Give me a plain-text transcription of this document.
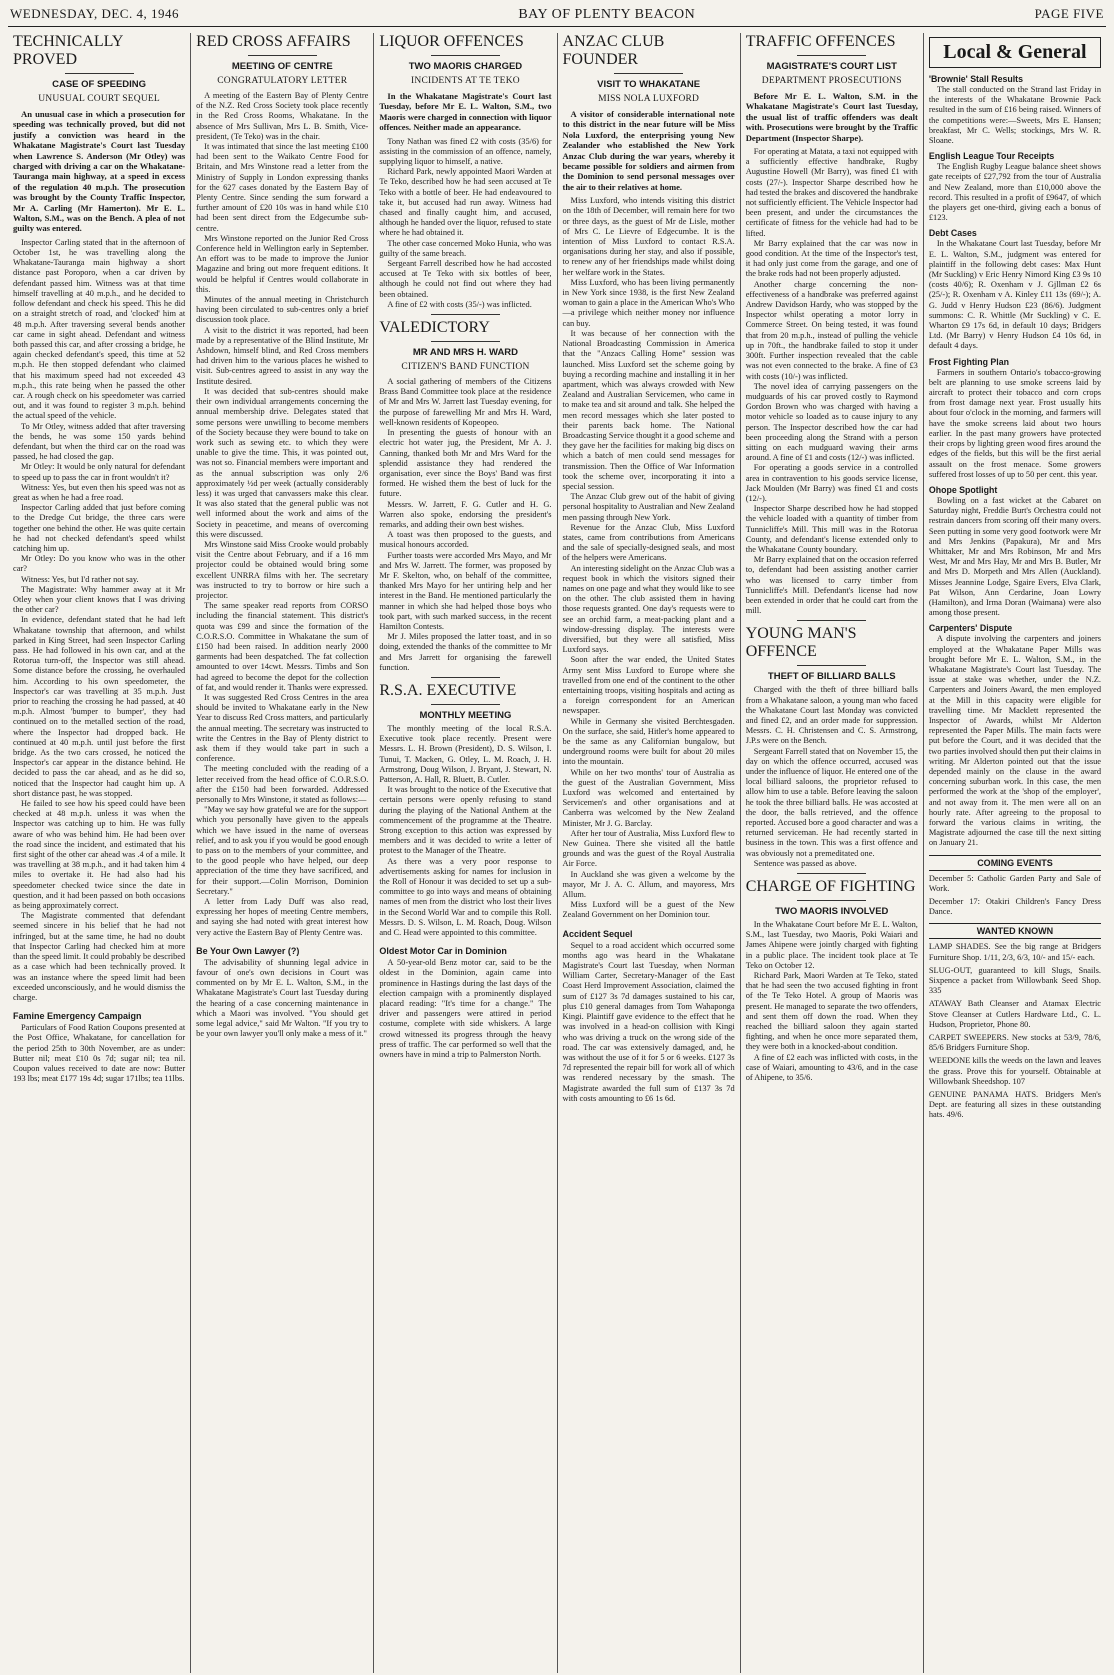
WEDNESDAY, DEC. 4, 1946	BAY OF PLENTY BEACON	PAGE FIVE
TECHNICALLY PROVED
CASE OF SPEEDING
UNUSUAL COURT SEQUEL

An unusual case in which a prosecution for speeding was technically proved, but did not justify a conviction was heard in the Whakatane Magistrate's Court last Tuesday when Lawrence S. Anderson (Mr Otley) was charged with driving a car on the Whakatane-Tauranga main highway, at a speed in excess of the regulation 40 m.p.h. The prosecution was brought by the County Traffic Inspector, Mr A. Carling (Mr Hamerton). Mr E. L. Walton, S.M., was on the Bench. A plea of not guilty was entered.

Inspector Carling stated that in the afternoon of October 1st, he was travelling along the Whakatane-Tauranga main highway a short distance past Poroporo, when a car driven by defendant passed him. Witness was at that time himself travelling at 40 m.p.h., and he decided to follow defendant and check his speed. This he did on a straight stretch of road, and 'clocked' him at 48 m.p.h. After traversing several bends another car came in sight ahead. Defendant and witness both passed this car, and after crossing a bridge, he again checked defendant's speed, this time at 52 m.p.h. He then stopped defendant who claimed that his maximum speed had not exceeded 43 m.p.h., this rate being when he passed the other car. A rough check on his speedometer was carried out, and it was found to register 3 m.p.h. behind the actual speed of the vehicle.

To Mr Otley, witness added that after traversing the bends, he was some 150 yards behind defendant, but when the third car on the road was passed, he had closed the gap.

Mr Otley: It would be only natural for defendant to speed up to pass the car in front wouldn't it?

Witness: Yes, but even then his speed was not as great as when he had a free road.

Inspector Carling added that just before coming to the Dredge Cut bridge, the three cars were together one behind the other. He was quite certain he had not checked defendant's speed whilst catching him up.

Mr Otley: Do you know who was in the other car?

Witness: Yes, but I'd rather not say.

The Magistrate: Why hammer away at it Mr Otley when your client knows that I was driving the other car?

In evidence, defendant stated that he had left Whakatane township that afternoon, and whilst parked in King Street, had seen Inspector Carling pass. He had followed in his own car, and at the Rotorua turn-off, the Inspector was still ahead. Some distance before the crossing, he overhauled him. According to his own speedometer, the Inspector's car was travelling at 35 m.p.h. Just prior to reaching the crossing he had passed, at 40 m.p.h. Almost 'bumper to bumper', they had continued on to the metalled section of the road, where the Inspector had dropped back. He continued at 40 m.p.h. until just before the first bridge. As the two cars crossed, he noticed the Inspector's car appear in the distance behind. He decided to pass the car ahead, and as he did so, noticed that the Inspector had caught him up. A short distance past, he was stopped.

He failed to see how his speed could have been checked at 48 m.p.h. unless it was when the Inspector was catching up to him. He was fully aware of who was behind him. He had been over the road since the incident, and estimated that his first sight of the other car ahead was .4 of a mile. It was travelling at 38 m.p.h., and it had taken him 4 miles to overtake it. He had also had his speedometer checked twice since the date in question, and it had been passed on both occasions as being approximately correct.

The Magistrate commented that defendant seemed sincere in his belief that he had not infringed, but at the same time, he had no doubt that Inspector Carling had checked him at more than the speed limit. It could probably be described as a case which had been technically proved. It was an instance where the speed limit had been exceeded unconsciously, and he would dismiss the charge.

Famine Emergency Campaign

Particulars of Food Ration Coupons presented at the Post Office, Whakatane, for cancellation for the period 25th to 30th November, are as under: Butter nil; meat £10 0s 7d; sugar nil; tea nil. Coupon values received to date are now: Butter 193 lbs; meat £177 19s 4d; sugar 171lbs; tea 11lbs.

RED CROSS AFFAIRS
MEETING OF CENTRE
CONGRATULATORY LETTER

A meeting of the Eastern Bay of Plenty Centre of the N.Z. Red Cross Society took place recently in the Red Cross Rooms, Whakatane. In the absence of Mrs Sullivan, Mrs L. B. Smith, Vice-president, (Te Teko) was in the chair.

It was intimated that since the last meeting £100 had been sent to the Waikato Centre Food for Britain, and Mrs Winstone read a letter from the Ministry of Supply in London expressing thanks for the 627 cases donated by the Eastern Bay of Plenty Centre. Since sending the sum forward a further amount of £20 10s was in hand while £10 had been sent direct from the Edgecumbe sub-centre.

Mrs Winstone reported on the Junior Red Cross Conference held in Wellington early in September. An effort was to be made to improve the Junior Magazine and bring out more frequent editions. It would be helpful if Centres would collaborate in this.

Minutes of the annual meeting in Christchurch having been circulated to sub-centres only a brief discussion took place.

A visit to the district it was reported, had been made by a representative of the Blind Institute, Mr Ashdown, himself blind, and Red Cross members had driven him to the various places he wished to visit. Sub-centres agreed to assist in any way the Institute desired.

It was decided that sub-centres should make their own individual arrangements concerning the annual membership drive. Delegates stated that some persons were unwilling to become members of the Society because they were bound to take on work such as sewing etc. to which they were unable to give the time. This, it was pointed out, was not so. Financial members were important and as the annual subscription was only 2/6 approximately ½d per week (actually considerably less) it was urged that canvassers make this clear. It was also stated that the general public was not well informed about the work and aims of the Society in peacetime, and means of overcoming this were discussed.

Mrs Winstone said Miss Crooke would probably visit the Centre about February, and if a 16 mm projector could be obtained would bring some excellent UNRRA films with her. The secretary was instructed to try to borrow or hire such a projector.

The same speaker read reports from CORSO including the financial statement. This district's quota was £99 and since the formation of the C.O.R.S.O. Committee in Whakatane the sum of £150 had been raised. In addition nearly 2000 garments had been despatched. The fat collection amounted to over 14cwt. Messrs. Timbs and Son had agreed to become the depot for the collection of fat, and would render it. Thanks were expressed.

It was suggested Red Cross Centres in the area should be invited to Whakatane early in the New Year to discuss Red Cross matters, and particularly the annual meeting. The secretary was instructed to write the Centres in the Bay of Plenty district to ask them if they would take part in such a conference.

The meeting concluded with the reading of a letter received from the head office of C.O.R.S.O. after the £150 had been forwarded. Addressed personally to Mrs Winstone, it stated as follows:—

"May we say how grateful we are for the support which you personally have given to the appeals which we have issued in the name of overseas relief, and to ask you if you would be good enough to pass on to the members of your committee, and to the good people who have helped, our deep appreciation of the time they have sacrificed, and for their support.—Colin Morrison, Dominion Secretary."

A letter from Lady Duff was also read, expressing her hopes of meeting Centre members, and saying she had noted with great interest how very active the Eastern Bay of Plenty Centre was.

Be Your Own Lawyer (?)

The advisability of shunning legal advice in favour of one's own decisions in Court was commented on by Mr E. L. Walton, S.M., in the Whakatane Magistrate's Court last Tuesday during the hearing of a case concerning maintenance in which a Maori was involved. "You should get some legal advice," said Mr Walton. "If you try to be your own lawyer you'll only make a mess of it."

LIQUOR OFFENCES
TWO MAORIS CHARGED
INCIDENTS AT TE TEKO

In the Whakatane Magistrate's Court last Tuesday, before Mr E. L. Walton, S.M., two Maoris were charged in connection with liquor offences. Neither made an appearance.

Tony Nathan was fined £2 with costs (35/6) for assisting in the commission of an offence, namely, supplying liquor to himself, a native.

Richard Park, newly appointed Maori Warden at Te Teko, described how he had seen accused at Te Teko with a bottle of beer. He had endeavoured to take it, but accused had run away. Witness had chased and finally caught him, and accused, although he handed over the liquor, refused to state where he had obtained it.

The other case concerned Moko Hunia, who was guilty of the same breach.

Sergeant Farrell described how he had accosted accused at Te Teko with six bottles of beer, although he could not find out where they had been obtained.

A fine of £2 with costs (35/-) was inflicted.

VALEDICTORY
MR AND MRS H. WARD
CITIZEN'S BAND FUNCTION

A social gathering of members of the Citizens Brass Band Committee took place at the residence of Mr and Mrs W. Jarrett last Tuesday evening, for the purpose of farewelling Mr and Mrs H. Ward, well-known residents of Kopeopeo.

In presenting the guests of honour with an electric hot water jug, the President, Mr A. J. Canning, thanked both Mr and Mrs Ward for the splendid assistance they had rendered the organisation, ever since the Boys' Band was first formed. He wished them the best of luck for the future.

Messrs. W. Jarrett, F. G. Cutler and H. G. Warren also spoke, endorsing the president's remarks, and adding their own best wishes.

A toast was then proposed to the guests, and musical honours accorded.

Further toasts were accorded Mrs Mayo, and Mr and Mrs W. Jarrett. The former, was proposed by Mr F. Skelton, who, on behalf of the committee, thanked Mrs Mayo for her untiring help and her interest in the Band. He mentioned particularly the manner in which she had helped those boys who took part, with such marked success, in the recent Hamilton Contests.

Mr J. Miles proposed the latter toast, and in so doing, extended the thanks of the committee to Mr and Mrs Jarrett for organising the farewell function.

R.S.A. EXECUTIVE
MONTHLY MEETING

The monthly meeting of the local R.S.A. Executive took place recently. Present were Messrs. L. H. Brown (President), D. S. Wilson, I. Tunui, T. Macken, G. Otley, L. M. Roach, J. H. Armstrong, Doug Wilson, J. Bryant, J. Stewart, N. Patterson, A. Hall, R. Bluett, B. Cutler.

It was brought to the notice of the Executive that certain persons were openly refusing to stand during the playing of the National Anthem at the commencement of the programme at the Theatre. Strong exception to this action was expressed by members and it was decided to write a letter of protest to the Manager of the Theatre.

As there was a very poor response to advertisements asking for names for inclusion in the Roll of Honour it was decided to set up a sub-committee to go into ways and means of obtaining names of men from the district who lost their lives in the Second World War and to compile this Roll. Messrs. D. S. Wilson, L. M. Roach, Doug. Wilson and C. Head were appointed to this committee.

Oldest Motor Car in Dominion

A 50-year-old Benz motor car, said to be the oldest in the Dominion, again came into prominence in Hastings during the last days of the election campaign with a prominently displayed placard reading: "It's time for a change." The driver and passengers were attired in period costume, complete with side whiskers. A large crowd witnessed its progress through the heavy press of traffic. The car performed so well that the owners have in mind a trip to Palmerston North.

ANZAC CLUB FOUNDER
VISIT TO WHAKATANE
MISS NOLA LUXFORD

A visitor of considerable international note to this district in the near future will be Miss Nola Luxford, the enterprising young New Zealander who established the New York Anzac Club during the war years, whereby it became possible for soldiers and airmen from the Dominion to send personal messages over the air to their relatives at home.

Miss Luxford, who intends visiting this district on the 18th of December, will remain here for two or three days, as the guest of Mr de Lisle, mother of Mrs C. Le Lievre of Edgecumbe. It is the intention of Miss Luxford to contact R.S.A. organisations during her stay, and also if possible, to renew any of her friendships made whilst doing her welfare work in the States.

Miss Luxford, who has been living permanently in New York since 1938, is the first New Zealand woman to gain a place in the American Who's Who—a privilege which neither money nor influence can buy.

It was because of her connection with the National Broadcasting Commission in America that the "Anzacs Calling Home" session was launched. Miss Luxford set the scheme going by buying a recording machine and installing it in her apartment, which was always crowded with New Zealand and Australian Servicemen, who came in to make tea and sit around and talk. She helped the men record messages which she later posted to their parents back home. The National Broadcasting Service thought it a good scheme and they gave her the facilities for making big discs on which a batch of men could send messages for transmission. Then the Office of War Information took the scheme over, incorporating it into a special session.

The Anzac Club grew out of the habit of giving personal hospitality to Australian and New Zealand men passing through New York.

Revenue for the Anzac Club, Miss Luxford states, came from contributions from Americans and the sale of specially-designed seals, and most of the helpers were Americans.

An interesting sidelight on the Anzac Club was a request book in which the visitors signed their names on one page and what they would like to see on the other. The club assisted them in having those requests granted. One day's requests were to see an orchid farm, a meat-packing plant and a window-dressing display. The interests were diversified, but they were all satisfied, Miss Luxford says.

Soon after the war ended, the United States Army sent Miss Luxford to Europe where she travelled from one end of the continent to the other entertaining troops, visiting hospitals and acting as a foreign correspondent for an American newspaper.

While in Germany she visited Berchtesgaden. On the surface, she said, Hitler's home appeared to be the same as any Californian bungalow, but underground rooms were built for about 20 miles into the mountain.

While on her two months' tour of Australia as the guest of the Australian Government, Miss Luxford was welcomed and entertained by Servicemen's and other organisations and at Canberra was welcomed by the New Zealand Minister, Mr J. G. Barclay.

After her tour of Australia, Miss Luxford flew to New Guinea. There she visited all the battle grounds and was the guest of the Royal Australia Air Force.

In Auckland she was given a welcome by the mayor, Mr J. A. C. Allum, and mayoress, Mrs Allum.

Miss Luxford will be a guest of the New Zealand Government on her Dominion tour.

Accident Sequel

Sequel to a road accident which occurred some months ago was heard in the Whakatane Magistrate's Court last Tuesday, when Norman William Carter, Secretary-Manager of the East Coast Herd Improvement Association, claimed the sum of £127 3s 7d damages sustained to his car, plus £10 general damages from Tom Wahaponga Kingi. Plaintiff gave evidence to the effect that he was involved in a head-on collision with Kingi who was driving a truck on the wrong side of the road. The car was extensively damaged, and, he was without the use of it for 5 or 6 weeks. £127 3s 7d represented the repair bill for work all of which was rendered necessary by the smash. The Magistrate awarded the full sum of £137 3s 7d with costs amounting to £6 1s 6d.

TRAFFIC OFFENCES
MAGISTRATE'S COURT LIST
DEPARTMENT PROSECUTIONS

Before Mr E. L. Walton, S.M. in the Whakatane Magistrate's Court last Tuesday, the usual list of traffic offenders was dealt with. Prosecutions were brought by the Traffic Department (Inspector Sharpe).

For operating at Matata, a taxi not equipped with a sufficiently effective handbrake, Rugby Augustine Howell (Mr Barry), was fined £1 with costs (27/-). Inspector Sharpe described how he had tested the brakes and discovered the handbrake not sufficiently efficient. The Vehicle Inspector had been present, and under the circumstances the certificate of fitness for the vehicle had had to be lifted.

Mr Barry explained that the car was now in good condition. At the time of the Inspector's test, it had only just come from the garage, and one of the brake rods had not been properly adjusted.

Another charge concerning the non-effectiveness of a handbrake was preferred against Andrew Davidson Hardy, who was stopped by the Inspector whilst operating a motor lorry in Commerce Street. On being tested, it was found that from 20 m.p.h., instead of pulling the vehicle up in 70ft., the handbrake failed to stop it under 300ft. Further inspection revealed that the cable was not even connected to the brake. A fine of £3 with costs (10/-) was inflicted.

The novel idea of carrying passengers on the mudguards of his car proved costly to Raymond Gordon Brown who was charged with having a motor vehicle so loaded as to cause injury to any person. The Inspector described how the car had been proceeding along the Strand with a person sitting on each mudguard waving their arms around. A fine of £1 and costs (12/-) was inflicted.

For operating a goods service in a controlled area in contravention to his goods service license, Jack Moulden (Mr Barry) was fined £1 and costs (12/-).

Inspector Sharpe described how he had stopped the vehicle loaded with a quantity of timber from Tunnicliffe's Mill. This mill was in the Rotorua County, and defendant's license extended only to the Whakatane County boundary.

Mr Barry explained that on the occasion referred to, defendant had been assisting another carrier who was licensed to carry timber from Tunnicliffe's Mill. Defendant's license had now been extended in order that he could cart from the mill.

YOUNG MAN'S OFFENCE
THEFT OF BILLIARD BALLS

Charged with the theft of three billiard balls from a Whakatane saloon, a young man who faced the Whakatane Court last Monday was convicted and fined £2, and an order made for suppression. Messrs. C. H. Christensen and C. S. Armstrong, J.P.s were on the Bench.

Sergeant Farrell stated that on November 15, the day on which the offence occurred, accused was under the influence of liquor. He entered one of the local billiard saloons, the proprietor refused to allow him to use a table. Before leaving the saloon he took the three billiard balls. He was accosted at the door, the balls retrieved, and the offence reported. Accused bore a good character and was a returned serviceman. He had recently started in business in the town. This was a first offence and was obviously not a premeditated one.

Sentence was passed as above.

CHARGE OF FIGHTING
TWO MAORIS INVOLVED

In the Whakatane Court before Mr E. L. Walton, S.M., last Tuesday, two Maoris, Poki Waiari and James Ahipene were jointly charged with fighting in a public place. The incident took place at Te Teko on October 12.

Richard Park, Maori Warden at Te Teko, stated that he had seen the two accused fighting in front of the Te Teko Hotel. A group of Maoris was present. He managed to separate the two offenders, and sent them off down the road. When they reached the billiard saloon they again started fighting, and when he once more separated them, they were both in a knocked-about condition.

A fine of £2 each was inflicted with costs, in the case of Waiari, amounting to 43/6, and in the case of Ahipene, to 35/6.

Local & General
'Brownie' Stall Results

The stall conducted on the Strand last Friday in the interests of the Whakatane Brownie Pack resulted in the sum of £16 being raised. Winners of the competitions were:—Sweets, Mrs E. Hansen; breakfast, Mr C. Wells; stockings, Mrs W. R. Sloane.

English League Tour Receipts

The English Rugby League balance sheet shows gate receipts of £27,792 from the tour of Australia and New Zealand, more than £10,000 above the record. This resulted in a profit of £9647, of which the players get one-third, giving each a bonus of £123.

Debt Cases

In the Whakatane Court last Tuesday, before Mr E. L. Walton, S.M., judgment was entered for plaintiff in the following debt cases: Max Hunt (Mr Suckling) v Eric Henry Nimord King £3 9s 10 (costs 40/6); R. Oxenham v J. Gjllman £2 6s (25/-); R. Oxenham v A. Kinley £11 13s (69/-); A. G. Judd v Henry Hudson £23 (86/6). Judgment summons: C. R. Whittle (Mr Suckling) v C. E. Wharton £9 17s 6d, in default 10 days; Bridgers Ltd. (Mr Barry) v Henry Hudson £4 10s 6d, in default 4 days.

Frost Fighting Plan

Farmers in southern Ontario's tobacco-growing belt are planning to use smoke screens laid by aircraft to protect their tobacco and corn crops from frost damage next year. Frost usually hits about four o'clock in the morning, and farmers will have the smoke screens laid about two hours earlier. In the past many growers have protected their crops by lighting green wood fires around the edges of the fields, but this will be the first aerial assault on the frost menace. Some growers suffered frost losses of up to 50 per cent. this year.

Ohope Spotlight

Bowling on a fast wicket at the Cabaret on Saturday night, Freddie Burt's Orchestra could not restrain dancers from scoring off their many overs. Seen putting in some very good footwork were Mr and Mrs Jenkins (Papakura), Mr and Mrs Whittaker, Mr and Mrs Robinson, Mr and Mrs West, Mr and Mrs Hay, Mr and Mrs B. Butler, Mr and Mrs D. Morpeth and Mrs Allen (Auckland). Misses Jeannine Lodge, Sgaire Evers, Elva Clark, Pat Wilson, Ann Cerdarine, Joan Lowry (Hamilton), and Irma Doran (Waimana) were also among those present.

Carpenters' Dispute

A dispute involving the carpenters and joiners employed at the Whakatane Paper Mills was brought before Mr E. L. Walton, S.M., in the Whakatane Magistrate's Court last Tuesday. The issue at stake was whether, under the N.Z. Carpenters and Joiners Award, the men employed at the Mill in this capacity were eligible for travelling time. Mr Macklett represented the Inspector of Awards, whilst Mr Alderton represented the Paper Mills. The main facts were put before the Court, and it was decided that the two parties involved should then put their claims in writing. Mr Alderton pointed out that the issue depended mainly on the clause in the award concerning suburban work. In this case, the men performed the work at the 'shop of the employer', and not away from it. The men were all on an hourly rate. After agreeing to the proposal to forward the various claims in writing, the Magistrate adjourned the case till the next sitting on January 21.

COMING EVENTS

December 5: Catholic Garden Party and Sale of Work.

December 17: Otakiri Children's Fancy Dress Dance.

WANTED KNOWN

LAMP SHADES. See the big range at Bridgers Furniture Shop. 1/11, 2/3, 6/3, 10/- and 15/- each.

SLUG-OUT, guaranteed to kill Slugs, Snails. Sixpence a packet from Willowbank Seed Shop. 335

ATAWAY Bath Cleanser and Atamax Electric Stove Cleanser at Cutlers Hardware Ltd., C. L. Hudson, Proprietor, Phone 80.

CARPET SWEEPERS. New stocks at 53/9, 78/6, 85/6 Bridgers Furniture Shop.

WEEDONE kills the weeds on the lawn and leaves the grass. Prove this for yourself. Obtainable at Willowbank Sheedshop. 107

GENUINE PANAMA HATS. Bridgers Men's Dept. are featuring all sizes in these outstanding hats. 49/6.
